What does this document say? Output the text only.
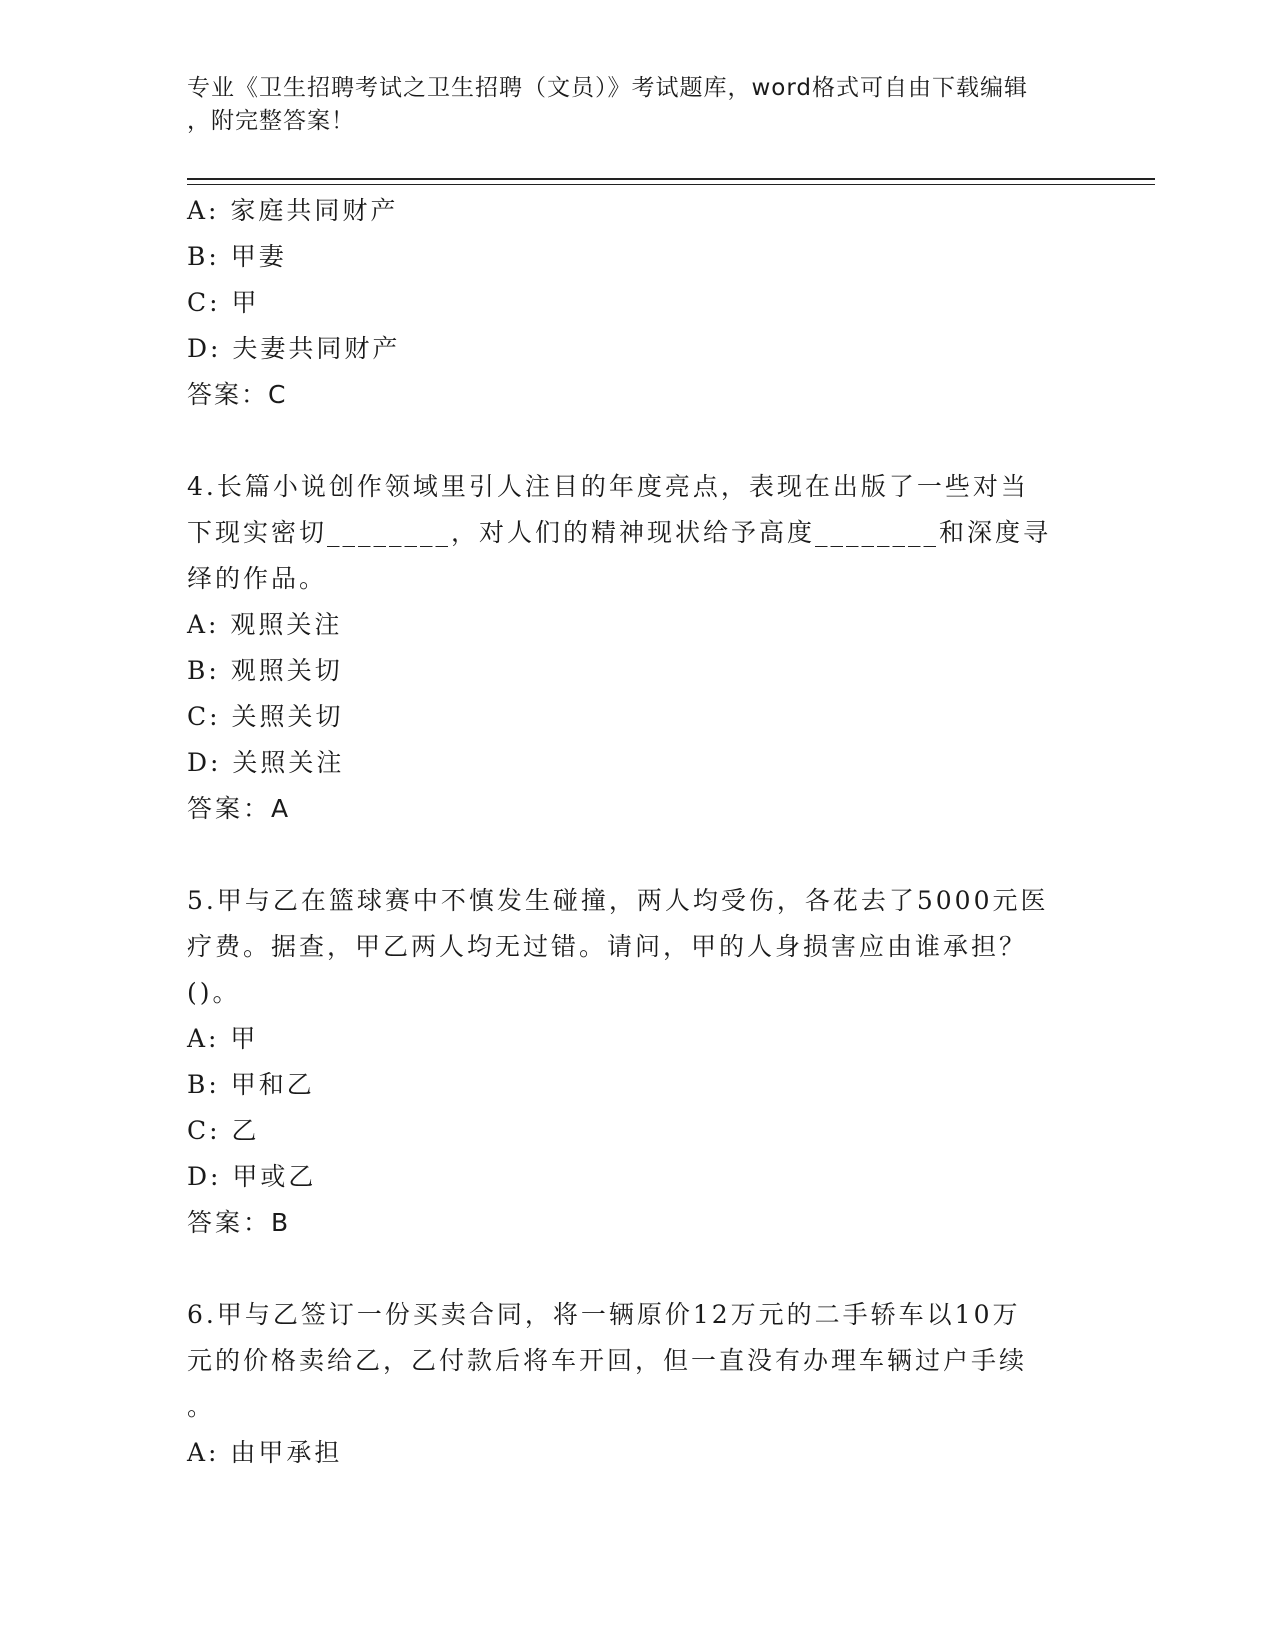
专业《卫生招聘考试之卫生招聘（文员）》考试题库，word格式可自由下载编辑
，附完整答案！
A: 家庭共同财产
B: 甲妻
C: 甲
D: 夫妻共同财产
答案：C
4.长篇小说创作领域里引人注目的年度亮点，表现在出版了一些对当
下现实密切________，对人们的精神现状给予高度________和深度寻
绎的作品。
A: 观照关注
B: 观照关切
C: 关照关切
D: 关照关注
答案：A
5.甲与乙在篮球赛中不慎发生碰撞，两人均受伤，各花去了5000元医
疗费。据查，甲乙两人均无过错。请问，甲的人身损害应由谁承担？
()。
A: 甲
B: 甲和乙
C: 乙
D: 甲或乙
答案：B
6.甲与乙签订一份买卖合同，将一辆原价12万元的二手轿车以10万
元的价格卖给乙，乙付款后将车开回，但一直没有办理车辆过户手续
。
A: 由甲承担
